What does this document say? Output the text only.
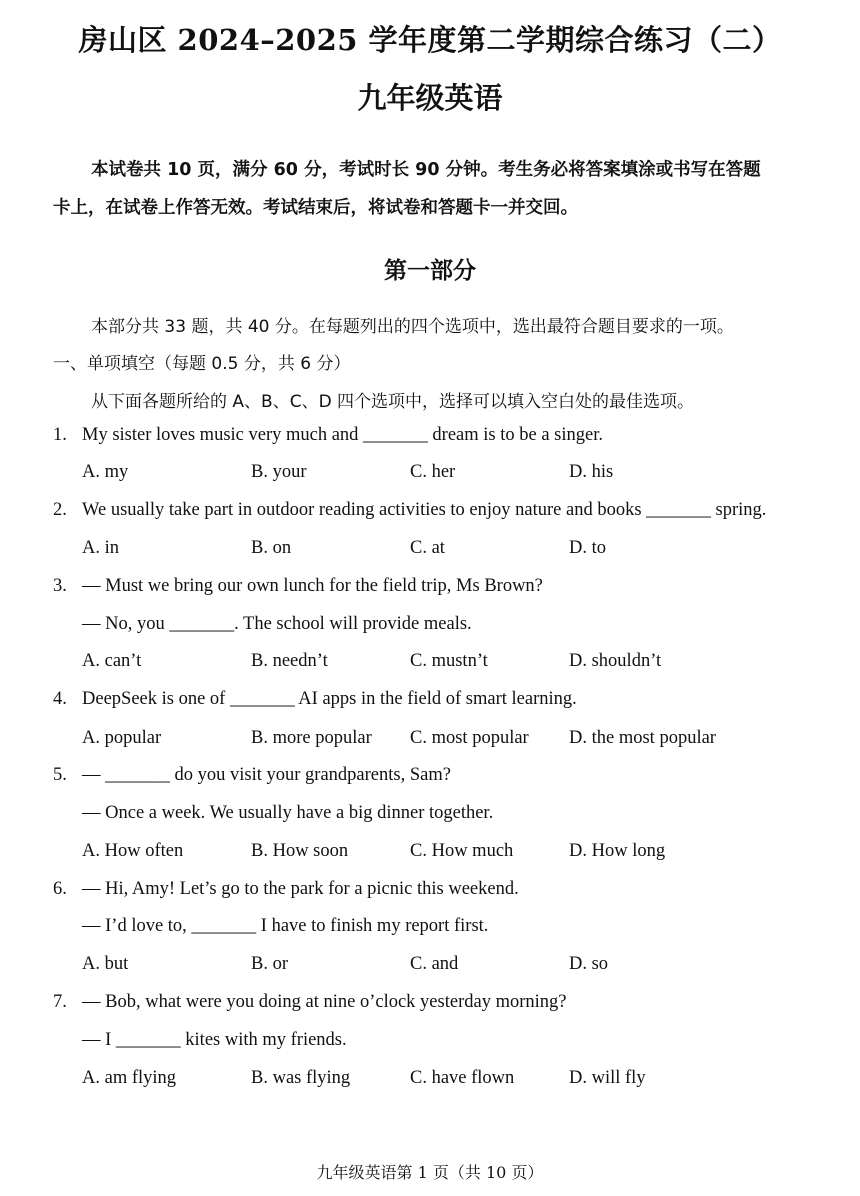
房山区 2024–2025 学年度第二学期综合练习（二）
九年级英语
本试卷共 10 页，满分 60 分，考试时长 90 分钟。考生务必将答案填涂或书写在答题
卡上，在试卷上作答无效。考试结束后，将试卷和答题卡一并交回。
第一部分
本部分共 33 题，共 40 分。在每题列出的四个选项中，选出最符合题目要求的一项。
一、单项填空（每题 0.5 分，共 6 分）
从下面各题所给的 A、B、C、D 四个选项中，选择可以填入空白处的最佳选项。
1. My sister loves music very much and _______ dream is to be a singer.
A. my	B. your	C. her	D. his
2. We usually take part in outdoor reading activities to enjoy nature and books _______ spring.
A. in	B. on	C. at	D. to
3. — Must we bring our own lunch for the field trip, Ms Brown?
— No, you _______. The school will provide meals.
A. can’t	B. needn’t	C. mustn’t	D. shouldn’t
4. DeepSeek is one of _______ AI apps in the field of smart learning.
A. popular	B. more popular C. most popular D. the most popular
5. — _______ do you visit your grandparents, Sam?
— Once a week. We usually have a big dinner together.
A. How often	B. How soon	C. How much	D. How long
6. — Hi, Amy! Let’s go to the park for a picnic this weekend.
— I’d love to, _______ I have to finish my report first.
A. but	B. or	C. and	D. so
7. — Bob, what were you doing at nine o’clock yesterday morning?
— I _______ kites with my friends.
A. am flying	B. was flying	C. have flown	D. will fly
九年级英语第 1 页（共 10 页）
